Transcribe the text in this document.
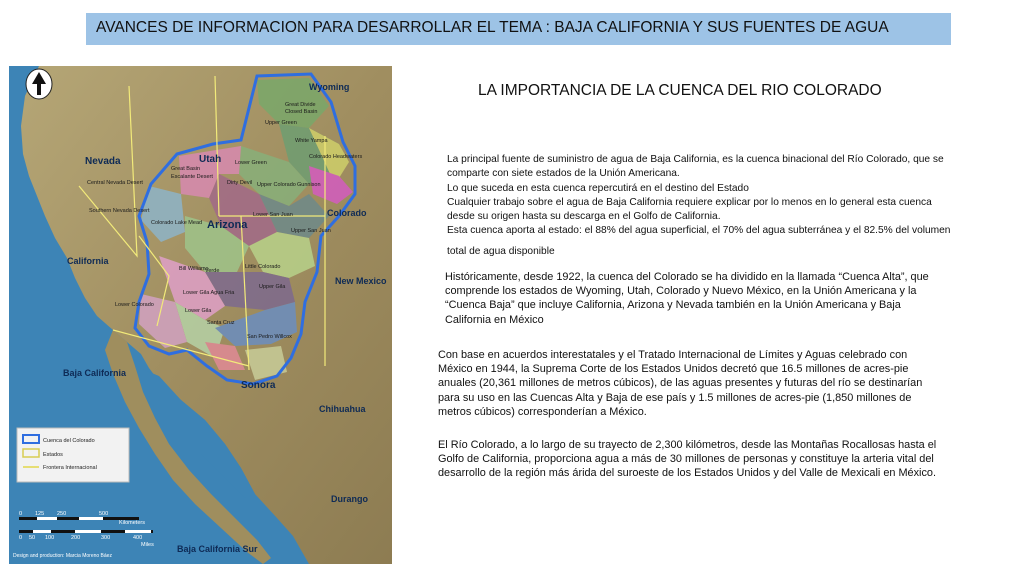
AVANCES DE INFORMACION PARA DESARROLLAR EL TEMA : BAJA CALIFORNIA Y SUS FUENTES DE AGUA
LA IMPORTANCIA DE LA CUENCA DEL RIO COLORADO
Wyoming
Nevada	Utah
Colorado
California
Arizona
New Mexico
Sonora
Chihuahua
Baja California
Baja California Sur
Durango
Great Divide
Closed Basin
Upper Green
White Yampa
Colorado Headwaters
Lower Green
Great Basin
Escalante Desert
Central Nevada Desert	Upper Colorado Gunnison
Dirty Devil
Southern Nevada Desert
Colorado Lake Mead
Lower San Juan
Upper San Juan
Little Colorado
Bill Williams
Verde
Lower Gila Agua Fria
Lower Gila
Lower Colorado
Upper Gila
Santa Cruz
San Pedro Willcox
Cuenca del Colorado
Estados
Frontera Internacional
0 125 250	500
Kilometers
0 50 100	200	300	400
Miles
Design and production: Marcia Moreno Báez

La principal fuente de suministro de agua de Baja California, es la cuenca binacional del Río Colorado, que se

comparte con siete estados de la Unión Americana.

Lo que suceda en esta cuenca repercutirá en el destino del Estado

Cualquier trabajo sobre el agua de Baja California requiere explicar por lo menos en lo general esta cuenca

desde su origen hasta su descarga en el Golfo de California.

Esta cuenca aporta al estado: el 88% del agua superficial, el 70% del agua subterránea y el 82.5% del volumen

total de agua disponible

Históricamente, desde 1922, la cuenca del Colorado se ha dividido en la llamada “Cuenca Alta”, que comprende los estados de Wyoming, Utah, Colorado y Nuevo México, en la Unión Americana y la “Cuenca Baja” que incluye California, Arizona y Nevada también en la Unión Americana y Baja California en México

Con base en acuerdos interestatales y el Tratado Internacional de Límites y Aguas celebrado con México en 1944, la Suprema Corte de los Estados Unidos decretó que 16.5 millones de acres-pie anuales (20,361 millones de metros cúbicos), de las aguas presentes y futuras del río se destinarían para su uso en las Cuencas Alta y Baja de ese país y 1.5 millones de acres-pie (1,850 millones de metros cúbicos) corresponderían a México.

El Río Colorado, a lo largo de su trayecto de 2,300 kilómetros, desde las Montañas Rocallosas hasta el Golfo de California, proporciona agua a más de 30 millones de personas y constituye la arteria vital del desarrollo de la región más árida del suroeste de los Estados Unidos y del Valle de Mexicali en México.
